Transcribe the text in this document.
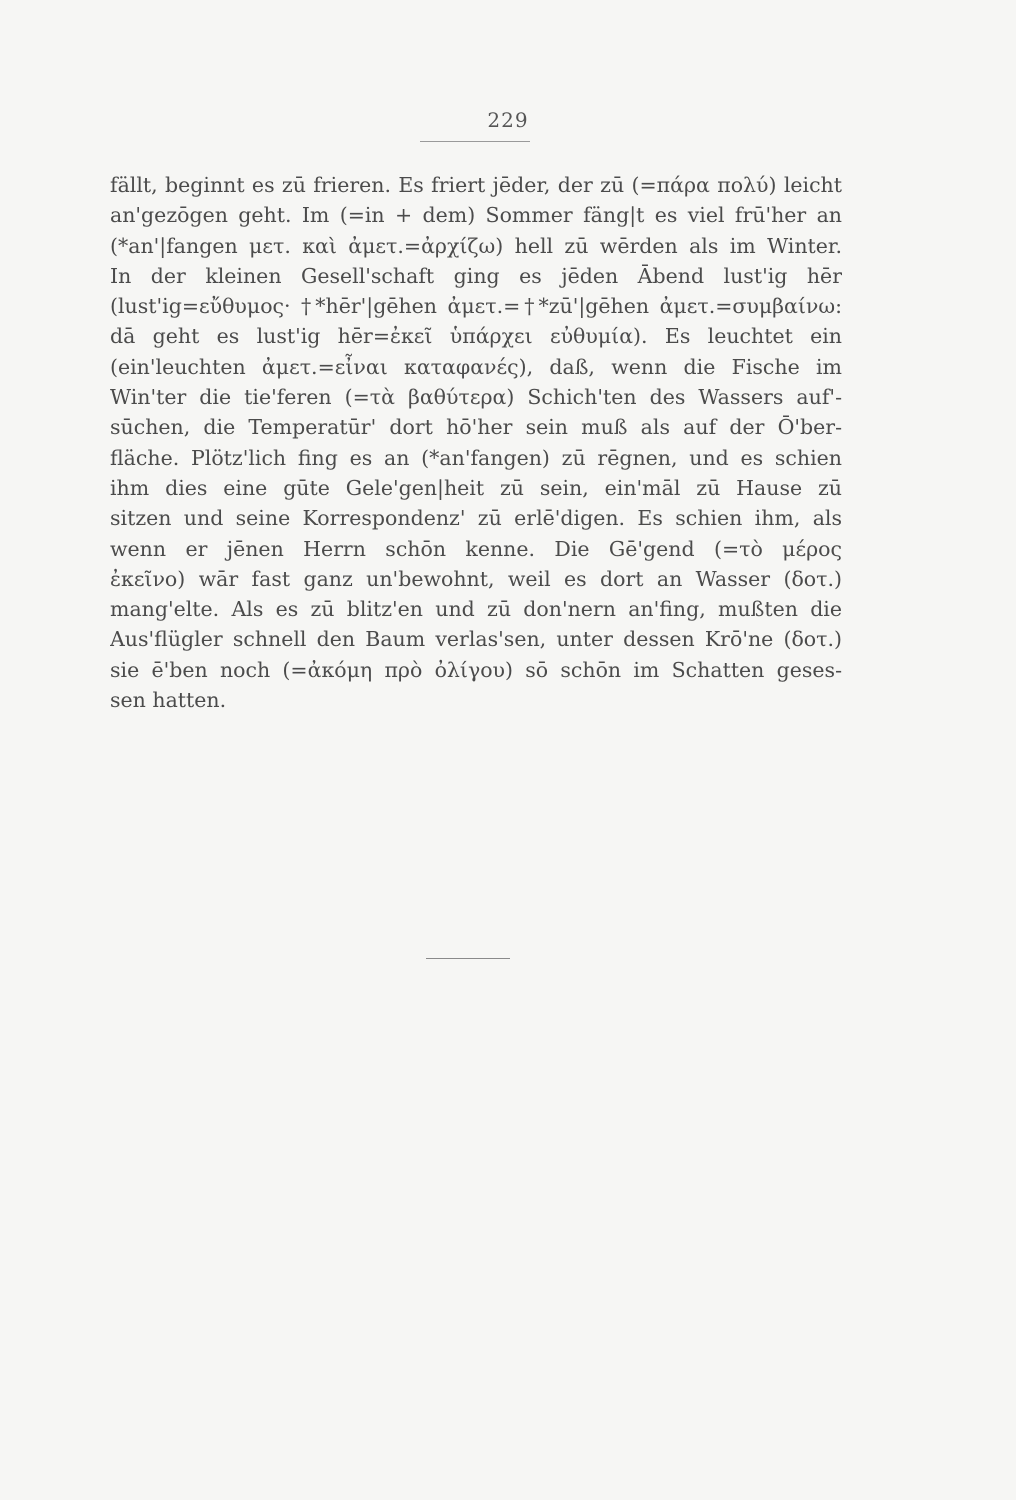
229
fällt, beginnt es zū frieren. Es friert jēder, der zū (=πάρα πολύ) leicht
an'gezōgen geht. Im (=in + dem) Sommer fäng|t es viel frū'her an
(*an'|fangen μετ. καὶ ἀμετ.=ἀρχίζω) hell zū wērden als im Winter.
In der kleinen Gesell'schaft ging es jēden Ābend lust'ig hēr
(lust'ig=εὔθυμος· †*hēr'|gēhen ἀμετ.=†*zū'|gēhen ἀμετ.=συμβαίνω:
dā geht es lust'ig hēr=ἐκεῖ ὑπάρχει εὐθυμία). Es leuchtet ein
(ein'leuchten ἀμετ.=εἶναι καταφανές), daß, wenn die Fische im
Win'ter die tie'feren (=τὰ βαθύτερα) Schich'ten des Wassers auf'-
sūchen, die Temperatūr' dort hō'her sein muß als auf der Ō'ber-
fläche. Plötz'lich fing es an (*an'fangen) zū rēgnen, und es schien
ihm dies eine gūte Gele'gen|heit zū sein, ein'māl zū Hause zū
sitzen und seine Korrespondenz' zū erlē'digen. Es schien ihm, als
wenn er jēnen Herrn schōn kenne. Die Gē'gend (=τὸ μέρος
ἐκεῖνο) wār fast ganz un'bewohnt, weil es dort an Wasser (δοτ.)
mang'elte. Als es zū blitz'en und zū don'nern an'fing, mußten die
Aus'flügler schnell den Baum verlas'sen, unter dessen Krō'ne (δοτ.)
sie ē'ben noch (=ἀκόμη πρὸ ὀλίγου) sō schōn im Schatten geses-
sen hatten.
